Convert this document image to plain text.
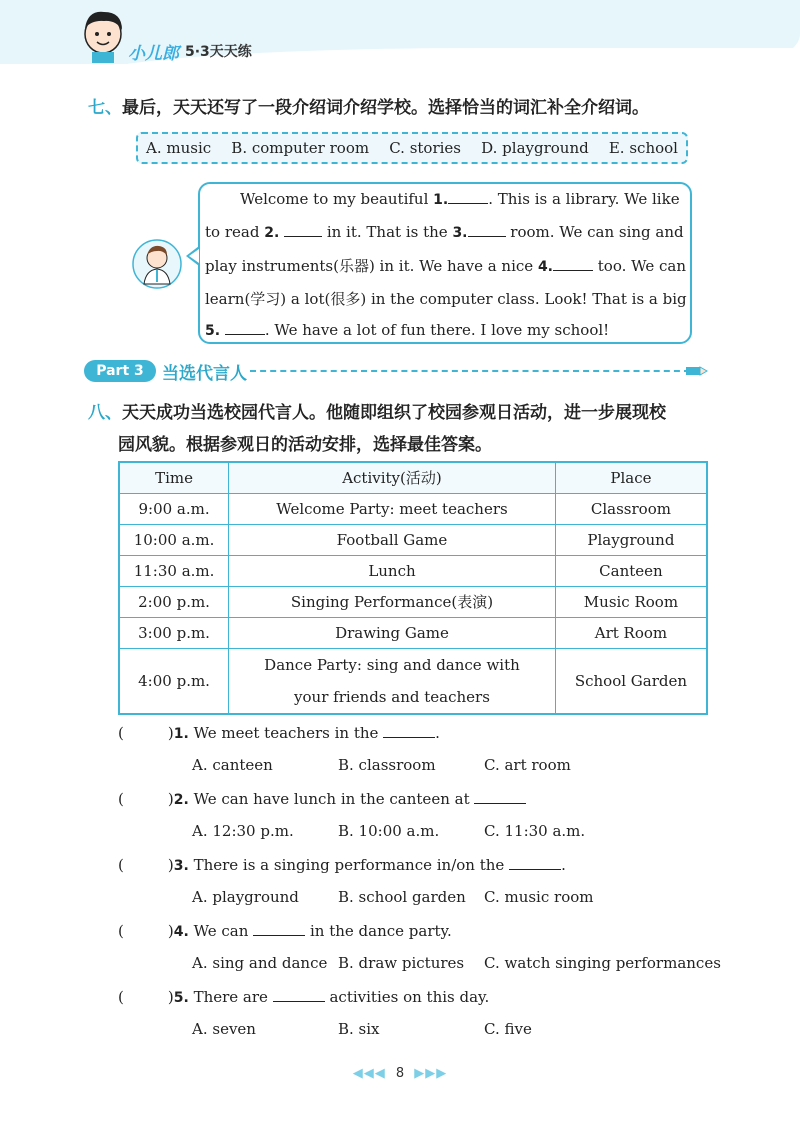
小儿郎 5·3天天练
七、最后，天天还写了一段介绍词介绍学校。选择恰当的词汇补全介绍词。
A. music B. computer room C. stories D. playground E. school
Welcome to my beautiful 1.	. This is a library. We like
to read 2.	in it. That is the 3.	room. We can sing and
play instruments(乐器) in it. We have a nice 4.	too. We can
learn(学习) a lot(很多) in the computer class. Look! That is a big
5.	. We have a lot of fun there. I love my school!
Part 3	当选代言人
八、天天成功当选校园代言人。他随即组织了校园参观日活动，进一步展现校
园风貌。根据参观日的活动安排，选择最佳答案。
Time	Activity(活动)	Place
9:00 a.m.	Welcome Party: meet teachers	Classroom
10:00 a.m.	Football Game	Playground
11:30 a.m.	Lunch	Canteen
2:00 p.m.	Singing Performance(表演)	Music Room
3:00 p.m.	Drawing Game	Art Room
4:00 p.m.	Dance Party: sing and dance with
your friends and teachers	School Garden
(	)1. We meet teachers in the	.
A. canteen	B. classroom	C. art room
(	)2. We can have lunch in the canteen at
A. 12:30 p.m.	B. 10:00 a.m.	C. 11:30 a.m.
(	)3. There is a singing performance in/on the	.
A. playground	B. school garden C. music room
(	)4. We can	in the dance party.
A. sing and dance B. draw pictures C. watch singing performances
(	)5. There are	activities on this day.
A. seven	B. six	C. five
◀◀◀ 8 ▶▶▶
